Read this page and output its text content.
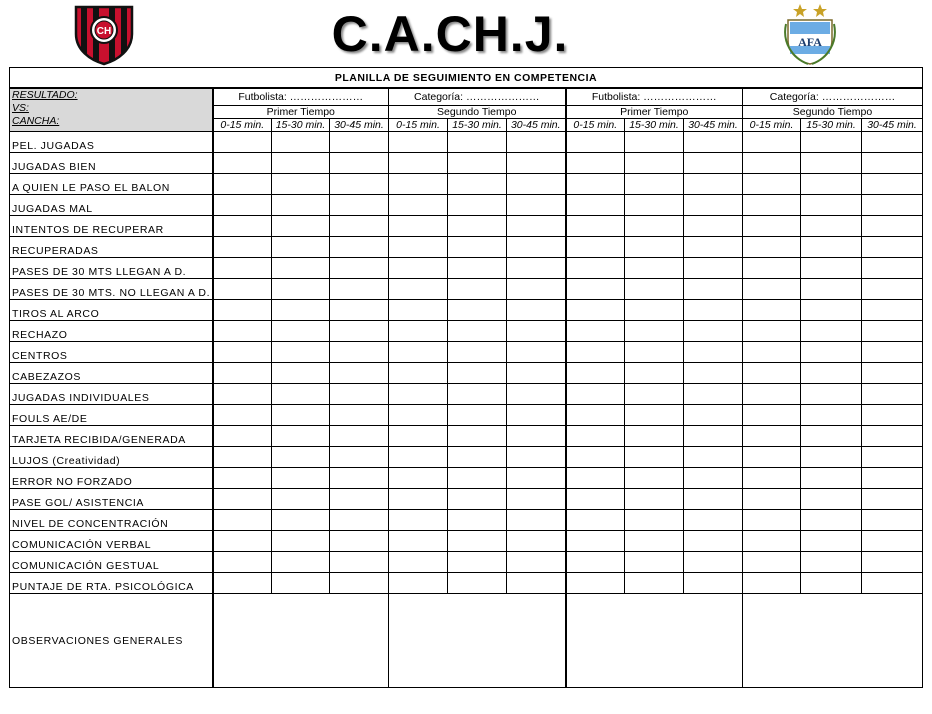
CH	C.A.CH.J.	AFA
PLANILLA DE SEGUIMIENTO EN COMPETENCIA												

RESULTADO:
VS:
CANCHA:	Futbolista: …………………			Categoría: …………………			Futbolista: …………………			Categoría: …………………		
	Primer Tiempo			Segundo Tiempo			Primer Tiempo			Segundo Tiempo		
	0-15 min.	15-30 min.	30-45 min.	0-15 min.	15-30 min.	30-45 min.	0-15 min.	15-30 min.	30-45 min.	0-15 min.	15-30 min.	30-45 min.
PEL. JUGADAS												
JUGADAS BIEN												
A QUIEN LE PASO EL BALON												
JUGADAS MAL												
INTENTOS DE RECUPERAR												
RECUPERADAS												
PASES DE 30 MTS LLEGAN A D.												
PASES DE 30 MTS. NO LLEGAN A D.												
TIROS AL ARCO												
RECHAZO												
CENTROS												
CABEZAZOS												
JUGADAS INDIVIDUALES												
FOULS AE/DE												
TARJETA RECIBIDA/GENERADA												
LUJOS (Creatividad)												
ERROR NO FORZADO												
PASE GOL/ ASISTENCIA												
NIVEL DE CONCENTRACIÓN												
COMUNICACIÓN VERBAL												
COMUNICACIÓN GESTUAL												
PUNTAJE DE RTA. PSICOLÓGICA												
OBSERVACIONES GENERALES												
